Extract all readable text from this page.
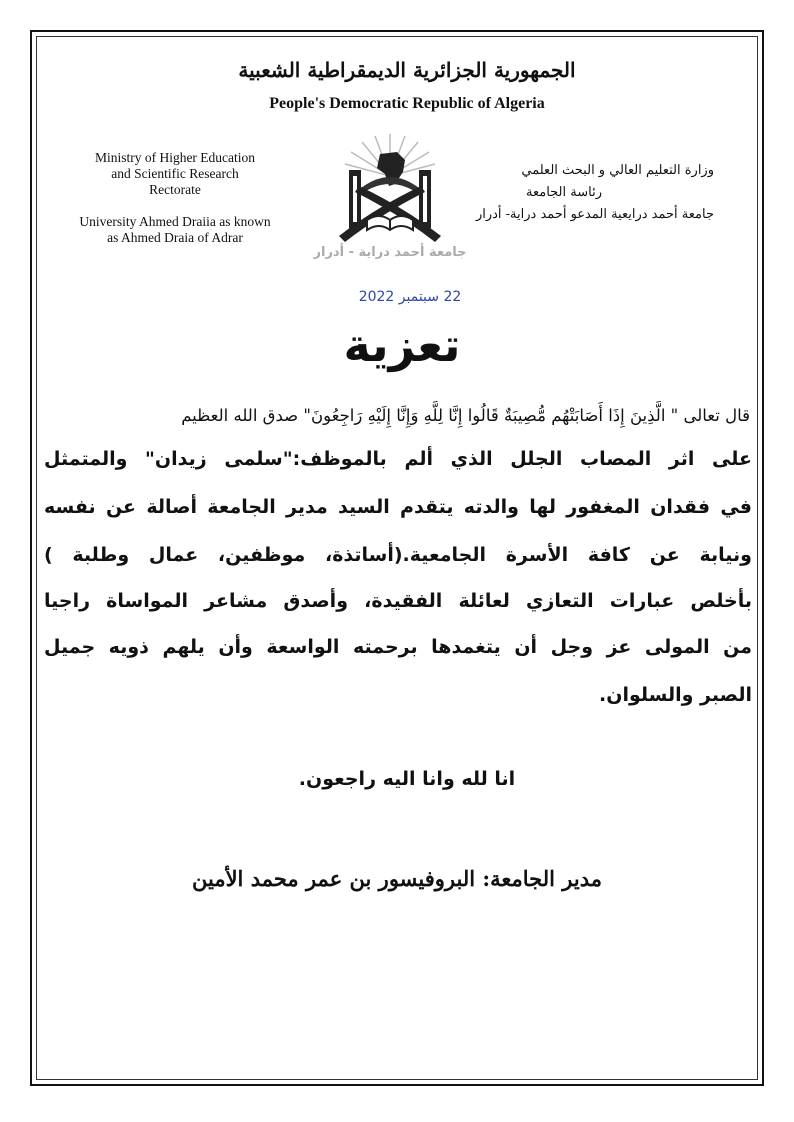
الجمهورية الجزائرية الديمقراطية الشعبية
People's Democratic Republic of Algeria
Ministry of Higher Education
and Scientific Research
Rectorate
University Ahmed Draiia as known
as Ahmed Draia of Adrar
وزارة التعليم العالي و البحث العلمي
رئاسة الجامعة
جامعة أحمد درايعية المدعو أحمد دراية- أدرار
جامعة أحمد دراية - أدرار
22 سبتمبر 2022
تعزية
قال تعالى " الَّذِينَ إِذَا أَصَابَتْهُم مُّصِيبَةٌ قَالُوا إِنَّا لِلَّهِ وَإِنَّا إِلَيْهِ رَاجِعُونَ" صدق الله العظيم
على اثر المصاب الجلل الذي ألم بالموظف:"سلمى زيدان" والمتمثل
في فقدان المغفور لها والدته يتقدم السيد مدير الجامعة أصالة عن نفسه
ونيابة عن كافة الأسرة الجامعية.(أساتذة، موظفين، عمال وطلبة )
بأخلص عبارات التعازي لعائلة الفقيدة، وأصدق مشاعر المواساة راجيا
من المولى عز وجل أن يتغمدها برحمته الواسعة وأن يلهم ذويه جميل
الصبر والسلوان.
انا لله وانا اليه راجعون.
مدير الجامعة: البروفيسور بن عمر محمد الأمين
